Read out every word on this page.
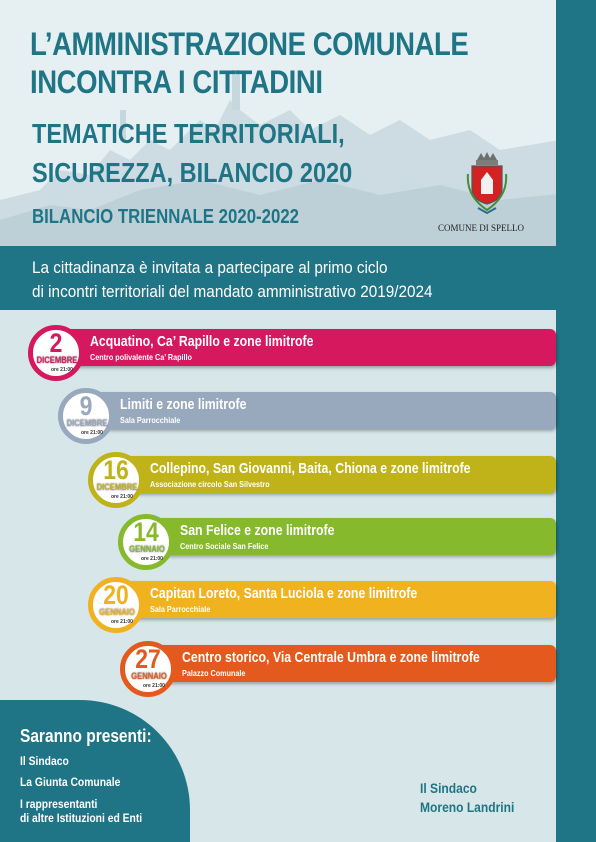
L’AMMINISTRAZIONE COMUNALE
INCONTRA I CITTADINI
TEMATICHE TERRITORIALI,
SICUREZZA, BILANCIO 2020
BILANCIO TRIENNALE 2020-2022	COMUNE DI SPELLO

La cittadinanza è invitata a partecipare al primo ciclo

di incontri territoriali del mandato amministrativo 2019/2024

2
DICEMBRE
ore 21:00
Acquatino, Ca’ Rapillo e zone limitrofe
Centro polivalente Ca’ Rapillo
9
DICEMBRE
ore 21:00
Limiti e zone limitrofe
Sala Parrocchiale
16
DICEMBRE
ore 21:00
Collepino, San Giovanni, Baita, Chiona e zone limitrofe
Associazione circolo San Silvestro
14
GENNAIO
ore 21:00
San Felice e zone limitrofe
Centro Sociale San Felice
20
GENNAIO
ore 21:00
Capitan Loreto, Santa Luciola e zone limitrofe
Sala Parrocchiale
27
GENNAIO
ore 21:00
Centro storico, Via Centrale Umbra e zone limitrofe
Palazzo Comunale

Saranno presenti:

Il Sindaco
La Giunta Comunale
I rappresentanti
di altre Istituzioni ed Enti
Il Sindaco
Moreno Landrini
